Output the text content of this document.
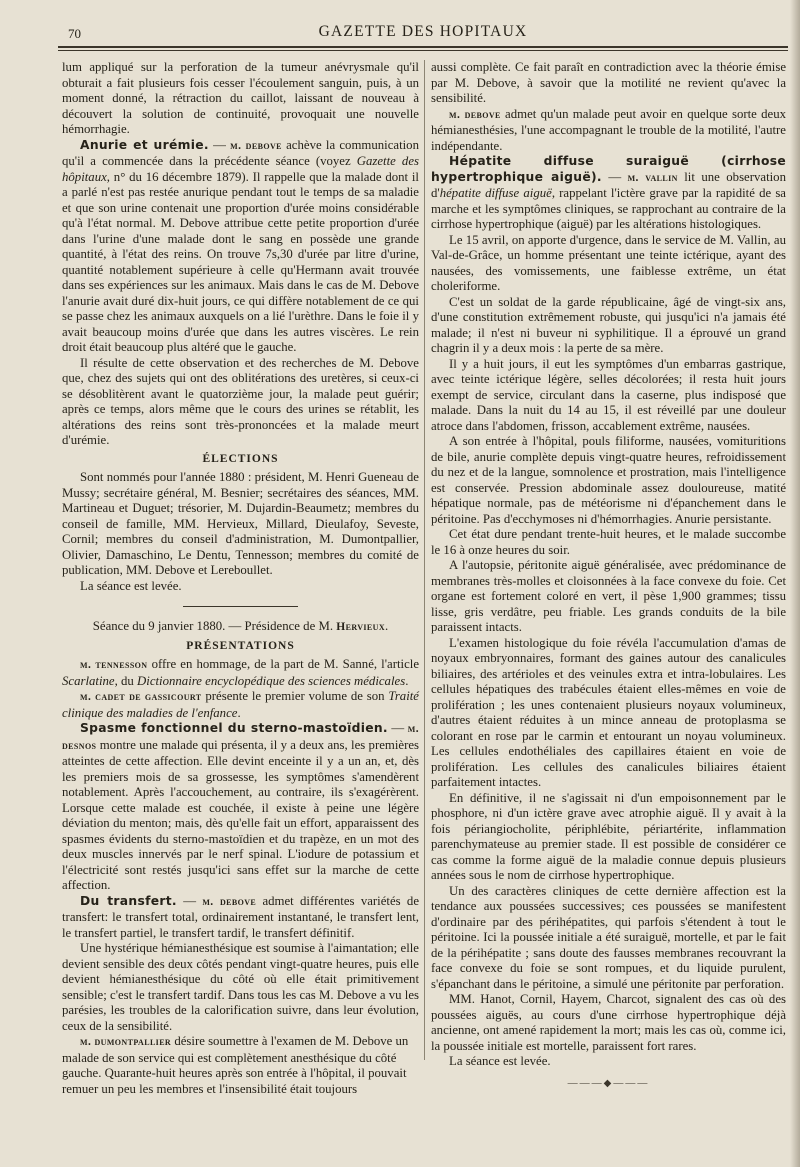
70	GAZETTE DES HOPITAUX

lum appliqué sur la perforation de la tumeur anévrysmale qu'il obturait a fait plusieurs fois cesser l'écoulement sanguin, puis, à un moment donné, la rétraction du caillot, laissant de nouveau à découvert la solution de continuité, provoquait une nouvelle hémorrhagie.

Anurie et urémie. — m. debove achève la communication qu'il a commencée dans la précédente séance (voyez Gazette des hôpitaux, n° du 16 décembre 1879). Il rappelle que la malade dont il a parlé n'est pas restée anurique pendant tout le temps de sa maladie et que son urine contenait une proportion d'urée moins considérable qu'à l'état normal. M. Debove attribue cette petite proportion d'urée dans l'urine d'une malade dont le sang en possède une grande quantité, à l'état des reins. On trouve 7s,30 d'urée par litre d'urine, quantité notablement supérieure à celle qu'Hermann avait trouvée dans ses expériences sur les animaux. Mais dans le cas de M. Debove l'anurie avait duré dix-huit jours, ce qui diffère notablement de ce qui se passe chez les animaux auxquels on a lié l'urèthre. Dans le foie il y avait beaucoup moins d'urée que dans les autres viscères. Le rein droit était beaucoup plus altéré que le gauche.

Il résulte de cette observation et des recherches de M. Debove que, chez des sujets qui ont des oblitérations des uretères, si ceux-ci se désoblitèrent avant le quatorzième jour, la malade peut guérir; après ce temps, alors même que le cours des urines se rétablit, les altérations des reins sont très-prononcées et la malade meurt d'urémie.

ÉLECTIONS

Sont nommés pour l'année 1880 : président, M. Henri Gueneau de Mussy; secrétaire général, M. Besnier; secrétaires des séances, MM. Martineau et Duguet; trésorier, M. Dujardin-Beaumetz; membres du conseil de famille, MM. Hervieux, Millard, Dieulafoy, Seveste, Cornil; membres du conseil d'administration, M. Dumontpallier, Olivier, Damaschino, Le Dentu, Tennesson; membres du comité de publication, MM. Debove et Lereboullet.

La séance est levée.

Séance du 9 janvier 1880. — Présidence de M. Hervieux.

PRÉSENTATIONS

m. tennesson offre en hommage, de la part de M. Sanné, l'article Scarlatine, du Dictionnaire encyclopédique des sciences médicales.

m. cadet de gassicourt présente le premier volume de son Traité clinique des maladies de l'enfance.

Spasme fonctionnel du sterno-mastoïdien. — m. desnos montre une malade qui présenta, il y a deux ans, les premières atteintes de cette affection. Elle devint enceinte il y a un an, et, dès les premiers mois de sa grossesse, les symptômes s'amendèrent notablement. Après l'accouchement, au contraire, ils s'exagérèrent. Lorsque cette malade est couchée, il existe à peine une légère déviation du menton; mais, dès qu'elle fait un effort, apparaissent des spasmes évidents du sterno-mastoïdien et du trapèze, en un mot des deux muscles innervés par le nerf spinal. L'iodure de potassium et l'électricité sont restés jusqu'ici sans effet sur la marche de cette affection.

Du transfert. — m. debove admet différentes variétés de transfert: le transfert total, ordinairement instantané, le transfert lent, le transfert partiel, le transfert tardif, le transfert définitif.

Une hystérique hémianesthésique est soumise à l'aimantation; elle devient sensible des deux côtés pendant vingt-quatre heures, puis elle devient hémianesthésique du côté où elle était primitivement sensible; c'est le transfert tardif. Dans tous les cas M. Debove a vu les parésies, les troubles de la calorification suivre, dans leur évolution, ceux de la sensibilité.

m. dumontpallier désire soumettre à l'examen de M. Debove un malade de son service qui est complètement anesthésique du côté gauche. Quarante-huit heures après son entrée à l'hôpital, il pouvait remuer un peu les membres et l'insensibilité était toujours

aussi complète. Ce fait paraît en contradiction avec la théorie émise par M. Debove, à savoir que la motilité ne revient qu'avec la sensibilité.

m. debove admet qu'un malade peut avoir en quelque sorte deux hémianesthésies, l'une accompagnant le trouble de la motilité, l'autre indépendante.

Hépatite diffuse suraiguë (cirrhose hypertrophique aiguë). — m. vallin lit une observation d'hépatite diffuse aiguë, rappelant l'ictère grave par la rapidité de sa marche et les symptômes cliniques, se rapprochant au contraire de la cirrhose hypertrophique (aiguë) par les altérations histologiques.

Le 15 avril, on apporte d'urgence, dans le service de M. Vallin, au Val-de-Grâce, un homme présentant une teinte ictérique, ayant des nausées, des vomissements, une faiblesse extrême, un état choleriforme.

C'est un soldat de la garde républicaine, âgé de vingt-six ans, d'une constitution extrêmement robuste, qui jusqu'ici n'a jamais été malade; il n'est ni buveur ni syphilitique. Il a éprouvé un grand chagrin il y a deux mois : la perte de sa mère.

Il y a huit jours, il eut les symptômes d'un embarras gastrique, avec teinte ictérique légère, selles décolorées; il resta huit jours exempt de service, circulant dans la caserne, plus indisposé que malade. Dans la nuit du 14 au 15, il est réveillé par une douleur atroce dans l'abdomen, frisson, accablement extrême, nausées.

A son entrée à l'hôpital, pouls filiforme, nausées, vomituritions de bile, anurie complète depuis vingt-quatre heures, refroidissement du nez et de la langue, somnolence et prostration, mais l'intelligence est conservée. Pression abdominale assez douloureuse, matité hépatique normale, pas de météorisme ni d'épanchement dans le péritoine. Pas d'ecchymoses ni d'hémorrhagies. Anurie persistante.

Cet état dure pendant trente-huit heures, et le malade succombe le 16 à onze heures du soir.

A l'autopsie, péritonite aiguë généralisée, avec prédominance de membranes très-molles et cloisonnées à la face convexe du foie. Cet organe est fortement coloré en vert, il pèse 1,900 grammes; tissu lisse, gris verdâtre, peu friable. Les grands conduits de la bile paraissent intacts.

L'examen histologique du foie révéla l'accumulation d'amas de noyaux embryonnaires, formant des gaines autour des canalicules biliaires, des artérioles et des veinules extra et intra-lobulaires. Les cellules hépatiques des trabécules étaient elles-mêmes en voie de prolifération ; les unes contenaient plusieurs noyaux volumineux, d'autres étaient réduites à un mince anneau de protoplasma se colorant en rose par le carmin et entourant un noyau volumineux. Les cellules endothéliales des capillaires étaient en voie de prolifération. Les cellules des canalicules biliaires étaient parfaitement intactes.

En définitive, il ne s'agissait ni d'un empoisonnement par le phosphore, ni d'un ictère grave avec atrophie aiguë. Il y avait à la fois périangiocholite, périphlébite, périartérite, inflammation parenchymateuse au premier stade. Il est possible de considérer ce cas comme la forme aiguë de la maladie connue depuis plusieurs années sous le nom de cirrhose hypertrophique.

Un des caractères cliniques de cette dernière affection est la tendance aux poussées successives; ces poussées se manifestent d'ordinaire par des périhépatites, qui parfois s'étendent à tout le péritoine. Ici la poussée initiale a été suraiguë, mortelle, et par le fait de la périhépatite ; sans doute des fausses membranes recouvrant la face convexe du foie se sont rompues, et du liquide purulent, s'épanchant dans le péritoine, a simulé une péritonite par perforation.

MM. Hanot, Cornil, Hayem, Charcot, signalent des cas où des poussées aiguës, au cours d'une cirrhose hypertrophique déjà ancienne, ont amené rapidement la mort; mais les cas où, comme ici, la poussée initiale est mortelle, paraissent fort rares.

La séance est levée.

———◆———
